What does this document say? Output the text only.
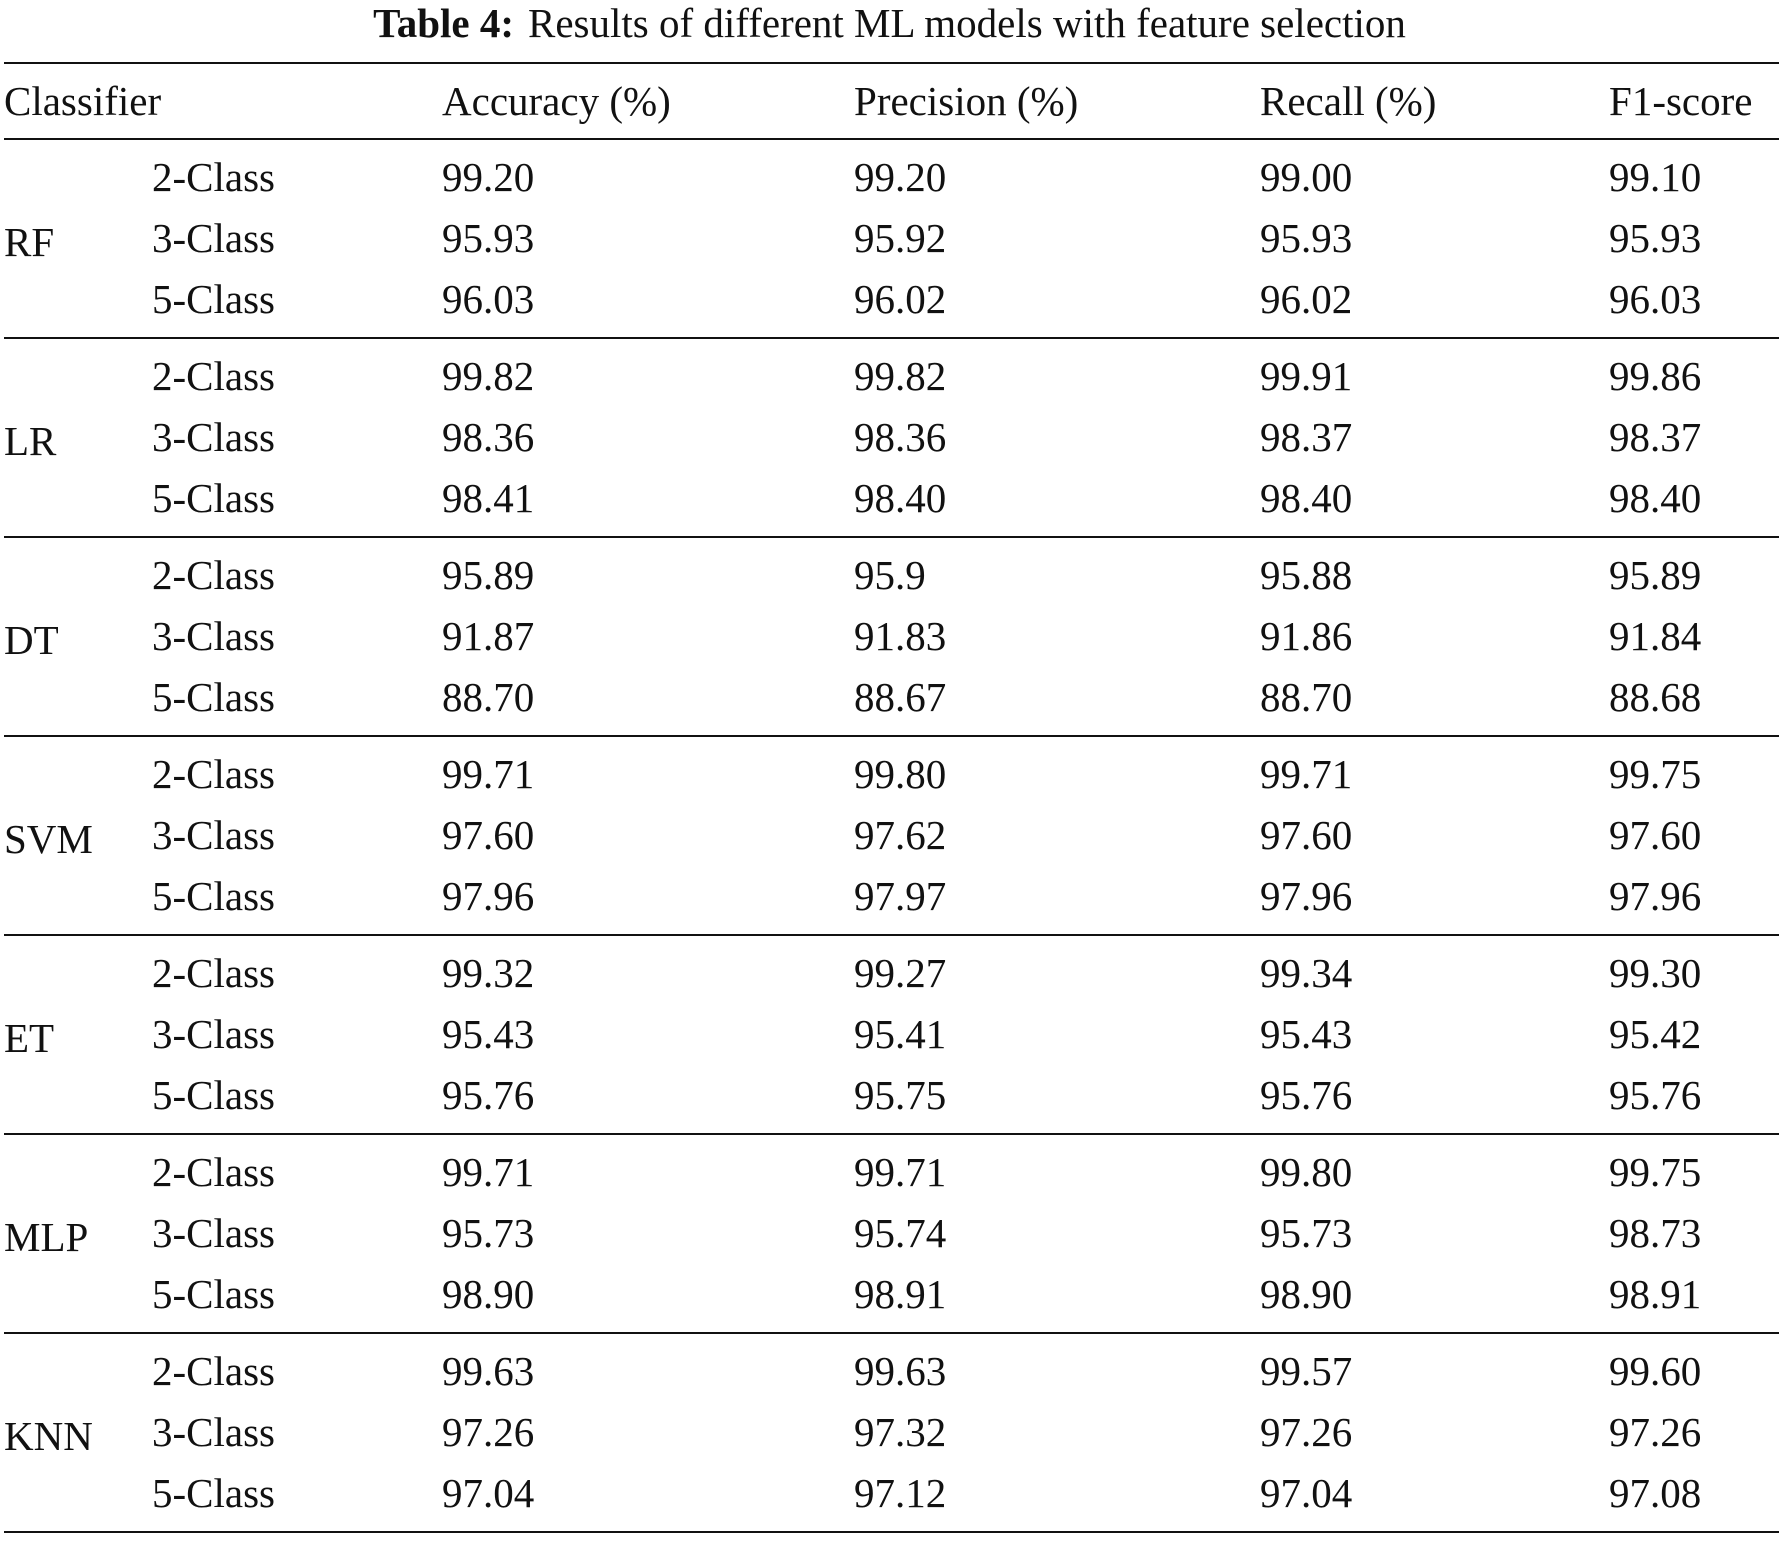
Table 4: Results of different ML models with feature selection
Classifier		Accuracy (%)	Precision (%)	Recall (%)	F1-score
RF	2-Class	99.20	99.20	99.00	99.10
	3-Class	95.93	95.92	95.93	95.93
	5-Class	96.03	96.02	96.02	96.03
LR	2-Class	99.82	99.82	99.91	99.86
	3-Class	98.36	98.36	98.37	98.37
	5-Class	98.41	98.40	98.40	98.40
DT	2-Class	95.89	95.9	95.88	95.89
	3-Class	91.87	91.83	91.86	91.84
	5-Class	88.70	88.67	88.70	88.68
SVM	2-Class	99.71	99.80	99.71	99.75
	3-Class	97.60	97.62	97.60	97.60
	5-Class	97.96	97.97	97.96	97.96
ET	2-Class	99.32	99.27	99.34	99.30
	3-Class	95.43	95.41	95.43	95.42
	5-Class	95.76	95.75	95.76	95.76
MLP	2-Class	99.71	99.71	99.80	99.75
	3-Class	95.73	95.74	95.73	98.73
	5-Class	98.90	98.91	98.90	98.91
KNN	2-Class	99.63	99.63	99.57	99.60
	3-Class	97.26	97.32	97.26	97.26
	5-Class	97.04	97.12	97.04	97.08
